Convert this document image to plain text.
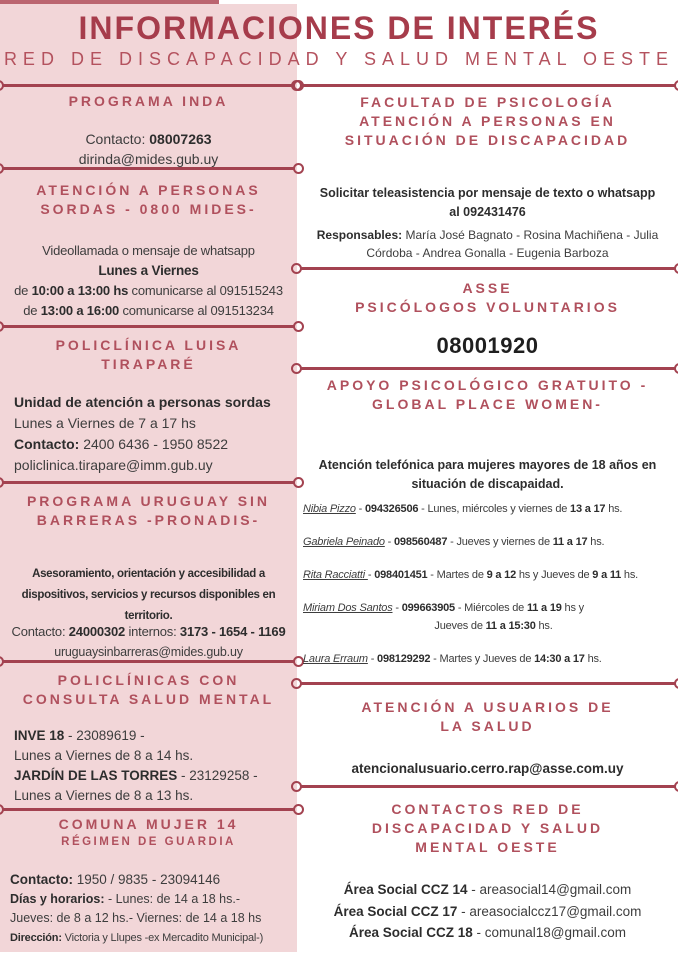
INFORMACIONES DE INTERÉS
RED DE DISCAPACIDAD Y SALUD MENTAL OESTE
PROGRAMA INDA
Contacto: 08007263
dirinda@mides.gub.uy
ATENCIÓN A PERSONAS
SORDAS - 0800 MIDES-
Videollamada o mensaje de whatsapp
Lunes a Viernes
de 10:00 a 13:00 hs comunicarse al 091515243
de 13:00 a 16:00 comunicarse al 091513234
POLICLÍNICA LUISA
TIRAPARÉ
Unidad de atención a personas sordas
Lunes a Viernes de 7 a 17 hs
Contacto: 2400 6436 - 1950 8522
policlinica.tirapare@imm.gub.uy
PROGRAMA URUGUAY SIN
BARRERAS -PRONADIS-
Asesoramiento, orientación y accesibilidad a
dispositivos, servicios y recursos disponibles en
territorio.
Contacto: 24000302 internos: 3173 - 1654 - 1169
uruguaysinbarreras@mides.gub.uy
POLICLÍNICAS CON
CONSULTA SALUD MENTAL
INVE 18 - 23089619 -
Lunes a Viernes de 8 a 14 hs.
JARDÍN DE LAS TORRES - 23129258 -
Lunes a Viernes de 8 a 13 hs.
COMUNA MUJER 14
RÉGIMEN DE GUARDIA
Contacto: 1950 / 9835 - 23094146
Días y horarios: - Lunes: de 14 a 18 hs.-
Jueves: de 8 a 12 hs.- Viernes: de 14 a 18 hs
Dirección: Victoria y Llupes -ex Mercadito Municipal-)
FACULTAD DE PSICOLOGÍA
ATENCIÓN A PERSONAS EN
SITUACIÓN DE DISCAPACIDAD
Solicitar teleasistencia por mensaje de texto o whatsapp
al 092431476
Responsables: María José Bagnato - Rosina Machiñena - Julia
Córdoba - Andrea Gonalla - Eugenia Barboza
ASSE
PSICÓLOGOS VOLUNTARIOS
08001920
APOYO PSICOLÓGICO GRATUITO -
GLOBAL PLACE WOMEN-
Atención telefónica para mujeres mayores de 18 años en
situación de discapaidad.
Nibia Pizzo - 094326506 - Lunes, miércoles y viernes de 13 a 17 hs.
Gabriela Peinado - 098560487 - Jueves y viernes de 11 a 17 hs.
Rita Racciatti - 098401451 - Martes de 9 a 12 hs y Jueves de 9 a 11 hs.
Miriam Dos Santos - 099663905 - Miércoles de 11 a 19 hs y
Jueves de 11 a 15:30 hs.
Laura Erraum - 098129292 - Martes y Jueves de 14:30 a 17 hs.
ATENCIÓN A USUARIOS DE
LA SALUD
atencionalusuario.cerro.rap@asse.com.uy
CONTACTOS RED DE
DISCAPACIDAD Y SALUD
MENTAL OESTE
Área Social CCZ 14 - areasocial14@gmail.com
Área Social CCZ 17 - areasocialccz17@gmail.com
Área Social CCZ 18 - comunal18@gmail.com
